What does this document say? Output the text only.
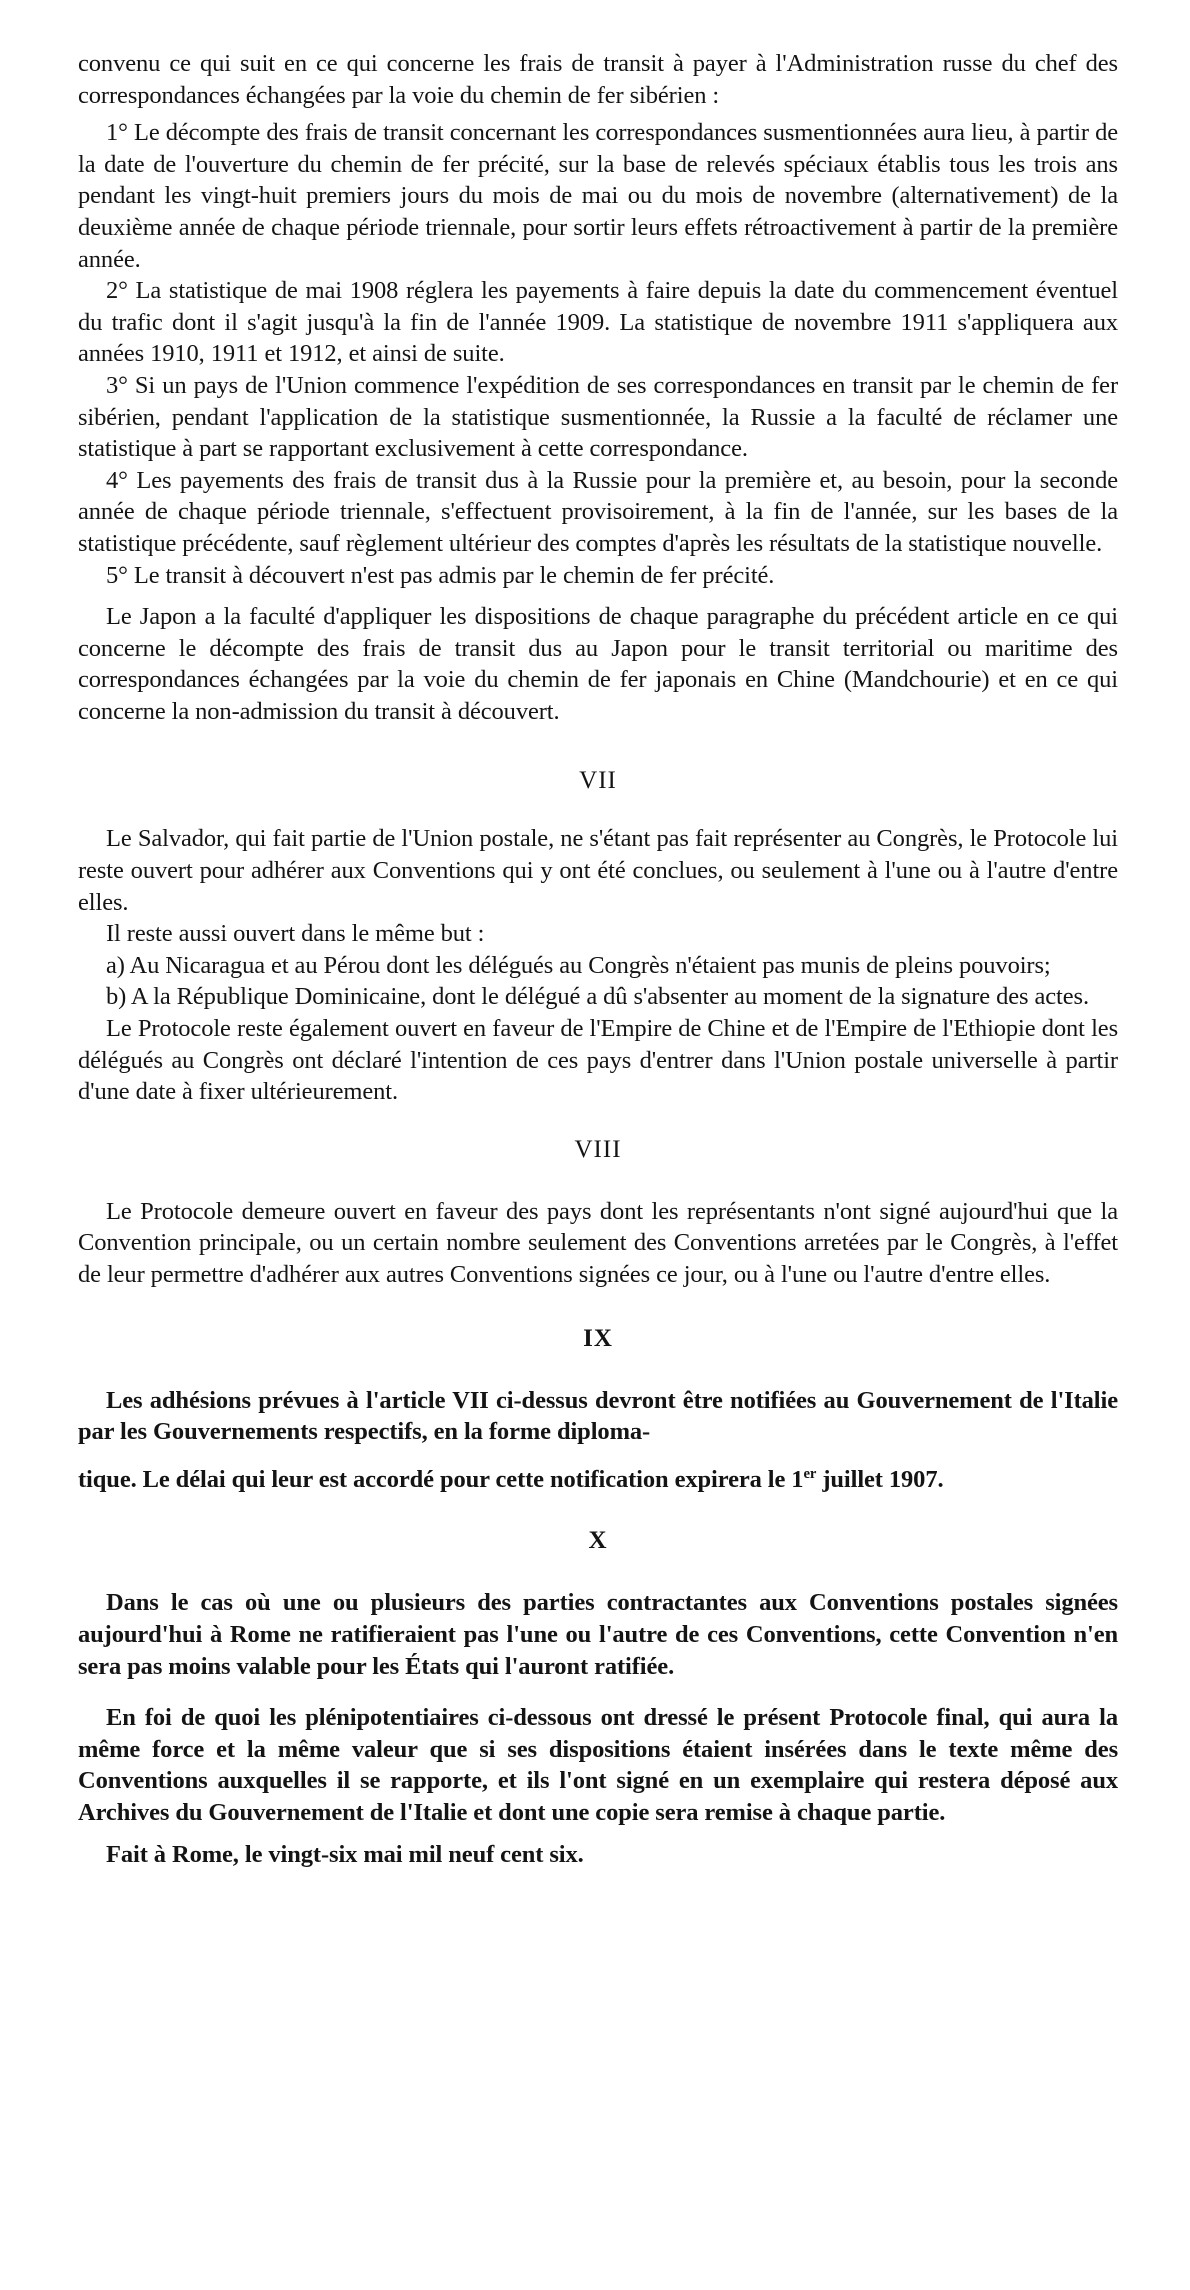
convenu ce qui suit en ce qui concerne les frais de transit à payer à l'Administration russe du chef des correspondances échangées par la voie du chemin de fer sibérien :

1° Le décompte des frais de transit concernant les correspondances susmentionnées aura lieu, à partir de la date de l'ouverture du chemin de fer précité, sur la base de relevés spéciaux établis tous les trois ans pendant les vingt-huit premiers jours du mois de mai ou du mois de novembre (alternativement) de la deuxième année de chaque période triennale, pour sortir leurs effets rétroactivement à partir de la première année.

2° La statistique de mai 1908 réglera les payements à faire depuis la date du commencement éventuel du trafic dont il s'agit jusqu'à la fin de l'année 1909. La statistique de novembre 1911 s'appliquera aux années 1910, 1911 et 1912, et ainsi de suite.

3° Si un pays de l'Union commence l'expédition de ses correspondances en transit par le chemin de fer sibérien, pendant l'application de la statistique susmentionnée, la Russie a la faculté de réclamer une statistique à part se rapportant exclusivement à cette correspondance.

4° Les payements des frais de transit dus à la Russie pour la première et, au besoin, pour la seconde année de chaque période triennale, s'effectuent provisoirement, à la fin de l'année, sur les bases de la statistique précédente, sauf règlement ultérieur des comptes d'après les résultats de la statistique nouvelle.

5° Le transit à découvert n'est pas admis par le chemin de fer précité.

Le Japon a la faculté d'appliquer les dispositions de chaque paragraphe du précédent article en ce qui concerne le décompte des frais de transit dus au Japon pour le transit territorial ou maritime des correspondances échangées par la voie du chemin de fer japonais en Chine (Mandchourie) et en ce qui concerne la non-admission du transit à découvert.

VII

Le Salvador, qui fait partie de l'Union postale, ne s'étant pas fait représenter au Congrès, le Protocole lui reste ouvert pour adhérer aux Conventions qui y ont été conclues, ou seulement à l'une ou à l'autre d'entre elles.

Il reste aussi ouvert dans le même but :

a) Au Nicaragua et au Pérou dont les délégués au Congrès n'étaient pas munis de pleins pouvoirs;

b) A la République Dominicaine, dont le délégué a dû s'absenter au moment de la signature des actes.

Le Protocole reste également ouvert en faveur de l'Empire de Chine et de l'Empire de l'Ethiopie dont les délégués au Congrès ont déclaré l'intention de ces pays d'entrer dans l'Union postale universelle à partir d'une date à fixer ultérieurement.

VIII

Le Protocole demeure ouvert en faveur des pays dont les représentants n'ont signé aujourd'hui que la Convention principale, ou un certain nombre seulement des Conventions arretées par le Congrès, à l'effet de leur permettre d'adhérer aux autres Conventions signées ce jour, ou à l'une ou l'autre d'entre elles.

IX

Les adhésions prévues à l'article VII ci-dessus devront être notifiées au Gouvernement de l'Italie par les Gouvernements respectifs, en la forme diploma-

tique. Le délai qui leur est accordé pour cette notification expirera le 1er juillet 1907.

X

Dans le cas où une ou plusieurs des parties contractantes aux Conventions postales signées aujourd'hui à Rome ne ratifieraient pas l'une ou l'autre de ces Conventions, cette Convention n'en sera pas moins valable pour les États qui l'auront ratifiée.

En foi de quoi les plénipotentiaires ci-dessous ont dressé le présent Protocole final, qui aura la même force et la même valeur que si ses dispositions étaient insérées dans le texte même des Conventions auxquelles il se rapporte, et ils l'ont signé en un exemplaire qui restera déposé aux Archives du Gouvernement de l'Italie et dont une copie sera remise à chaque partie.

Fait à Rome, le vingt-six mai mil neuf cent six.
